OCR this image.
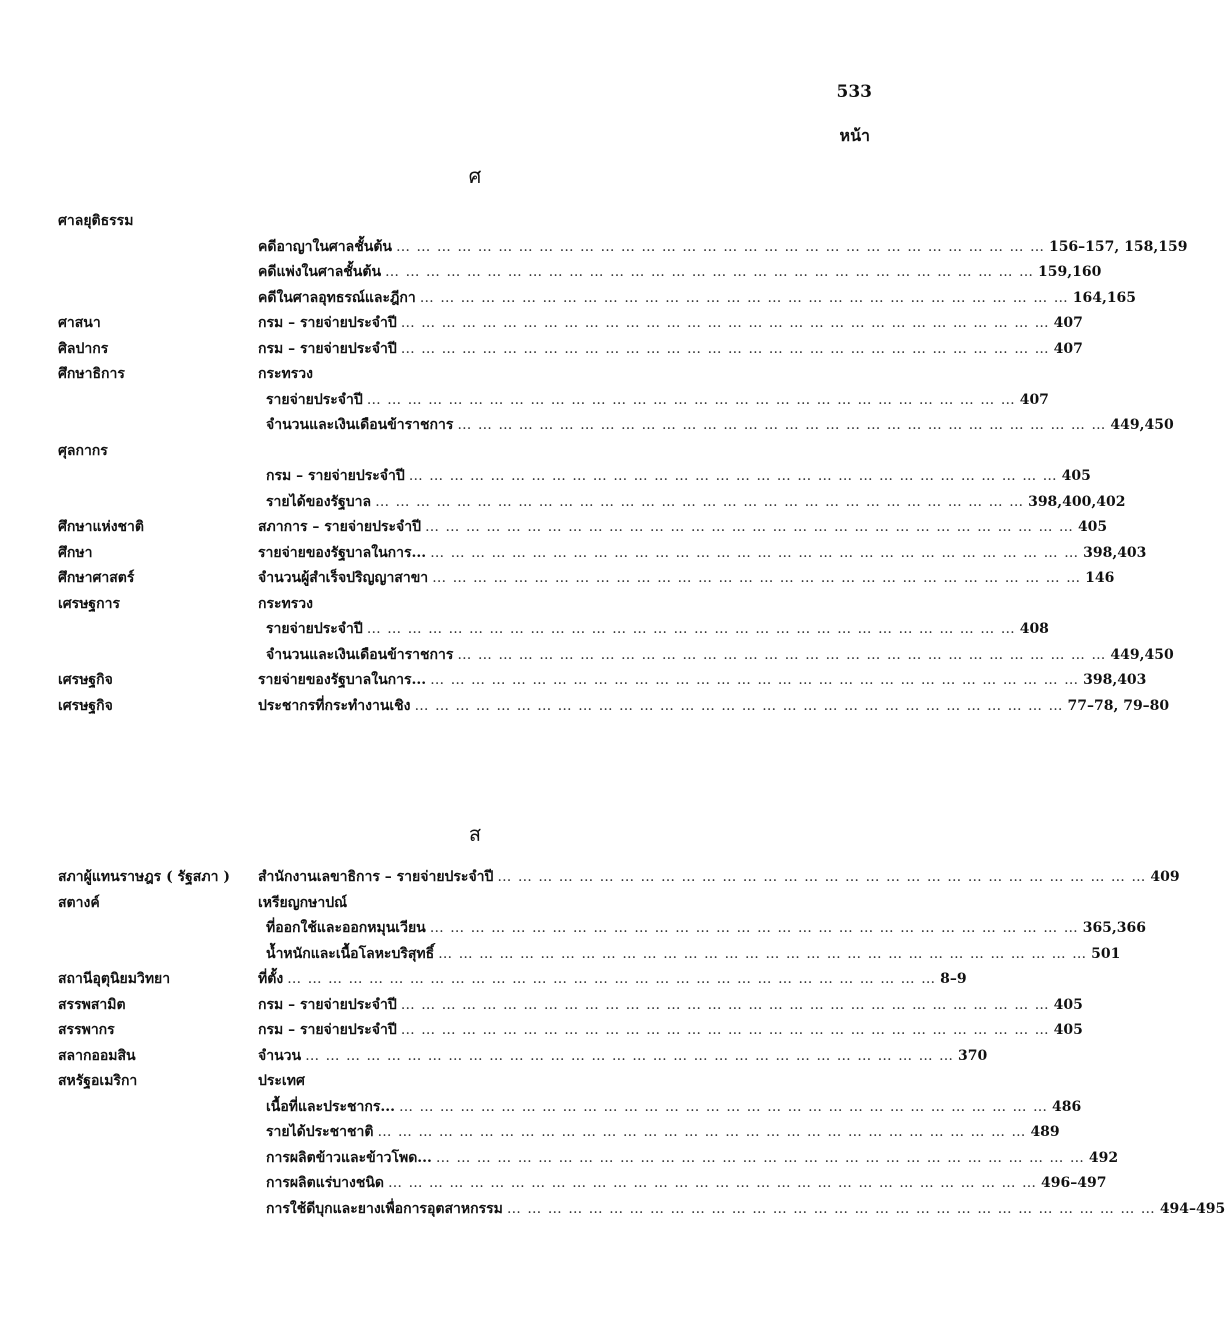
533
หน้า
ศ
ศาลยุติธรรม
คดีอาญาในศาลชั้นต้น … … … … … … … … … … … … … … … … … … … … … … … … … … … … … … … … 156–157, 158,159
คดีแพ่งในศาลชั้นต้น … … … … … … … … … … … … … … … … … … … … … … … … … … … … … … … … 159,160
คดีในศาลอุทธรณ์และฎีกา … … … … … … … … … … … … … … … … … … … … … … … … … … … … … … … … 164,165
ศาสนา	กรม – รายจ่ายประจำปี … … … … … … … … … … … … … … … … … … … … … … … … … … … … … … … … 407
ศิลปากร	กรม – รายจ่ายประจำปี … … … … … … … … … … … … … … … … … … … … … … … … … … … … … … … … 407
ศึกษาธิการ	กระทรวง
รายจ่ายประจำปี … … … … … … … … … … … … … … … … … … … … … … … … … … … … … … … … 407
จำนวนและเงินเดือนข้าราชการ … … … … … … … … … … … … … … … … … … … … … … … … … … … … … … … … 449,450
ศุลกากร
กรม – รายจ่ายประจำปี … … … … … … … … … … … … … … … … … … … … … … … … … … … … … … … … 405
รายได้ของรัฐบาล … … … … … … … … … … … … … … … … … … … … … … … … … … … … … … … … 398,400,402
ศึกษาแห่งชาติ	สภาการ – รายจ่ายประจำปี … … … … … … … … … … … … … … … … … … … … … … … … … … … … … … … … 405
ศึกษา	รายจ่ายของรัฐบาลในการ... … … … … … … … … … … … … … … … … … … … … … … … … … … … … … … … … 398,403
ศึกษาศาสตร์	จำนวนผู้สำเร็จปริญญาสาขา … … … … … … … … … … … … … … … … … … … … … … … … … … … … … … … … 146
เศรษฐการ	กระทรวง
รายจ่ายประจำปี … … … … … … … … … … … … … … … … … … … … … … … … … … … … … … … … 408
จำนวนและเงินเดือนข้าราชการ … … … … … … … … … … … … … … … … … … … … … … … … … … … … … … … … 449,450
เศรษฐกิจ	รายจ่ายของรัฐบาลในการ... … … … … … … … … … … … … … … … … … … … … … … … … … … … … … … … … 398,403
เศรษฐกิจ	ประชากรที่กระทำงานเชิง … … … … … … … … … … … … … … … … … … … … … … … … … … … … … … … … 77–78, 79–80
ส
สภาผู้แทนราษฎร ( รัฐสภา ) สำนักงานเลขาธิการ – รายจ่ายประจำปี … … … … … … … … … … … … … … … … … … … … … … … … … … … … … … … … 409
สตางค์	เหรียญกษาปณ์
ที่ออกใช้และออกหมุนเวียน … … … … … … … … … … … … … … … … … … … … … … … … … … … … … … … … 365,366
น้ำหนักและเนื้อโลหะบริสุทธิ์ … … … … … … … … … … … … … … … … … … … … … … … … … … … … … … … … 501
สถานีอุตุนิยมวิทยา	ที่ตั้ง … … … … … … … … … … … … … … … … … … … … … … … … … … … … … … … … 8–9
สรรพสามิต	กรม – รายจ่ายประจำปี … … … … … … … … … … … … … … … … … … … … … … … … … … … … … … … … 405
สรรพากร	กรม – รายจ่ายประจำปี … … … … … … … … … … … … … … … … … … … … … … … … … … … … … … … … 405
สลากออมสิน	จำนวน … … … … … … … … … … … … … … … … … … … … … … … … … … … … … … … … 370
สหรัฐอเมริกา	ประเทศ
เนื้อที่และประชากร... … … … … … … … … … … … … … … … … … … … … … … … … … … … … … … … … 486
รายได้ประชาชาติ … … … … … … … … … … … … … … … … … … … … … … … … … … … … … … … … 489
การผลิตข้าวและข้าวโพด... … … … … … … … … … … … … … … … … … … … … … … … … … … … … … … … … 492
การผลิตแร่บางชนิด … … … … … … … … … … … … … … … … … … … … … … … … … … … … … … … … 496–497
การใช้ดีบุกและยางเพื่อการอุตสาหกรรม … … … … … … … … … … … … … … … … … … … … … … … … … … … … … … … … 494–495
